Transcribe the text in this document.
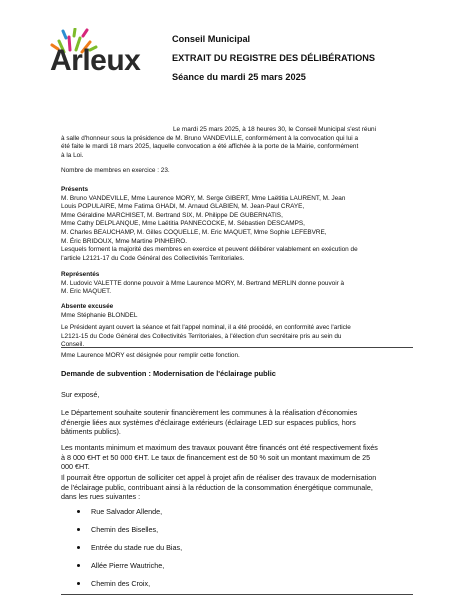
Arleux
Conseil Municipal
EXTRAIT DU REGISTRE DES DÉLIBÉRATIONS
Séance du mardi 25 mars 2025
Le mardi 25 mars 2025, à 18 heures 30, le Conseil Municipal s'est réuni
à salle d'honneur sous la présidence de M. Bruno VANDEVILLE, conformément à la convocation qui lui a
été faite le mardi 18 mars 2025, laquelle convocation a été affichée à la porte de la Mairie, conformément
à la Loi.
Nombre de membres en exercice : 23.
Présents
M. Bruno VANDEVILLE, Mme Laurence MORY, M. Serge GIBERT, Mme Laëtitia LAURENT, M. Jean
Louis POPULAIRE, Mme Fatima GHADI, M. Arnaud GLABIEN, M. Jean-Paul CRAYE,
Mme Géraldine MARCHISET, M. Bertrand SIX, M. Philippe DE GUBERNATIS,
Mme Cathy DELPLANQUE, Mme Laëtitia PANNECOCKE, M. Sébastien DESCAMPS,
M. Charles BEAUCHAMP, M. Gilles COQUELLE, M. Eric MAQUET, Mme Sophie LEFEBVRE,
M. Éric BRIDOUX, Mme Martine PINHEIRO.
Lesquels forment la majorité des membres en exercice et peuvent délibérer valablement en exécution de
l'article L2121-17 du Code Général des Collectivités Territoriales.
Représentés
M. Ludovic VALETTE donne pouvoir à Mme Laurence MORY, M. Bertrand MERLIN donne pouvoir à
M. Eric MAQUET.
Absente excusée
Mme Stéphanie BLONDEL
Le Président ayant ouvert la séance et fait l'appel nominal, il a été procédé, en conformité avec l'article
L2121-15 du Code Général des Collectivités Territoriales, à l'élection d'un secrétaire pris au sein du
Conseil.
Mme Laurence MORY est désignée pour remplir cette fonction.
Demande de subvention : Modernisation de l'éclairage public
Sur exposé,
Le Département souhaite soutenir financièrement les communes à la réalisation d'économies
d'énergie liées aux systèmes d'éclairage extérieurs (éclairage LED sur espaces publics, hors
bâtiments publics).
Les montants minimum et maximum des travaux pouvant être financés ont été respectivement fixés
à 8 000 €HT et 50 000 €HT. Le taux de financement est de 50 % soit un montant maximum de 25
000 €HT.
Il pourrait être opportun de solliciter cet appel à projet afin de réaliser des travaux de modernisation
de l'éclairage public, contribuant ainsi à la réduction de la consommation énergétique communale,
dans les rues suivantes :
Rue Salvador Allende,
Chemin des Biselles,
Entrée du stade rue du Bias,
Allée Pierre Wautriche,
Chemin des Croix,
